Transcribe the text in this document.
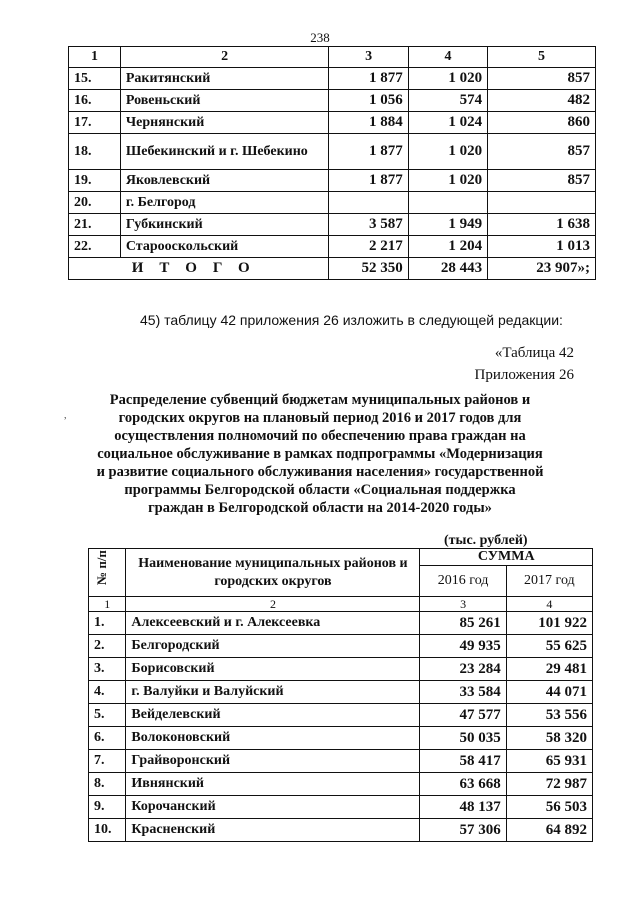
238
1	2	3	4	5
15.	Ракитянский	1 877	1 020	857
16.	Ровеньский	1 056	574	482
17.	Чернянский	1 884	1 024	860
18.	Шебекинский и г. Шебекино	1 877	1 020	857
19.	Яковлевский	1 877	1 020	857
20.	г. Белгород			
21.	Губкинский	3 587	1 949	1 638
22.	Старооскольский	2 217	1 204	1 013
ИТОГО		52 350	28 443	23 907»;
45) таблицу 42 приложения 26 изложить в следующей редакции:
«Таблица 42
Приложения 26
,
Распределение субвенций бюджетам муниципальных районов и городских округов на плановый период 2016 и 2017 годов для осуществления полномочий по обеспечению права граждан на социальное обслуживание в рамках подпрограммы «Модернизация и развитие социального обслуживания населения» государственной программы Белгородской области «Социальная поддержка граждан в Белгородской области на 2014-2020 годы»
(тыс. рублей)
№ п/п	Наименование муниципальных районов и городских округов	СУММА	
		2016 год	2017 год
1	2	3	4
1.	Алексеевский и г. Алексеевка	85 261	101 922
2.	Белгородский	49 935	55 625
3.	Борисовский	23 284	29 481
4.	г. Валуйки и Валуйский	33 584	44 071
5.	Вейделевский	47 577	53 556
6.	Волоконовский	50 035	58 320
7.	Грайворонский	58 417	65 931
8.	Ивнянский	63 668	72 987
9.	Корочанский	48 137	56 503
10.	Красненский	57 306	64 892
